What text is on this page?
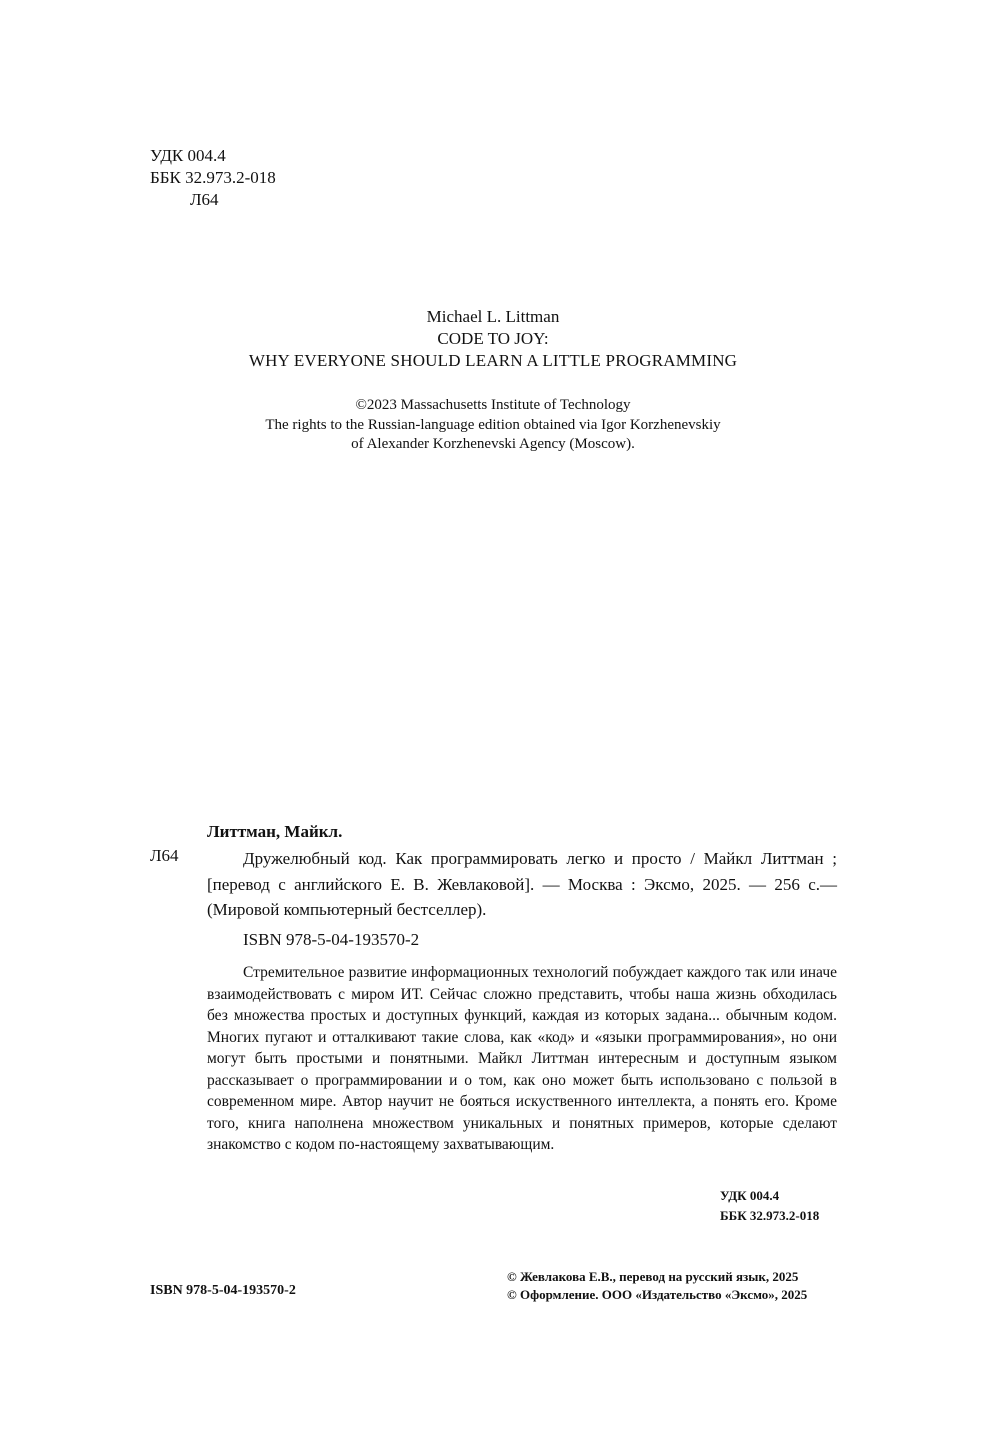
УДК 004.4
ББК 32.973.2-018
Л64
Michael L. Littman
CODE TO JOY:
WHY EVERYONE SHOULD LEARN A LITTLE PROGRAMMING
©2023 Massachusetts Institute of Technology
The rights to the Russian-language edition obtained via Igor Korzhenevskiy
of Alexander Korzhenevski Agency (Moscow).
Литтман, Майкл.
Л64	Дружелюбный код. Как программировать легко и просто / Майкл Литтман ; [перевод с английского Е. В. Жевлаковой]. — Москва : Эксмо, 2025. — 256 с.— (Мировой компьютерный бестселлер).
ISBN 978-5-04-193570-2
Стремительное развитие информационных технологий побуждает каждого так или иначе взаимодействовать с миром ИТ. Сейчас сложно представить, чтобы наша жизнь обходилась без множества простых и доступных функций, каждая из которых задана... обычным кодом. Многих пугают и отталкивают такие слова, как «код» и «языки программирования», но они могут быть простыми и понятными. Майкл Литтман интересным и доступным языком рассказывает о программировании и о том, как оно может быть использовано с пользой в современном мире. Автор научит не бояться искуственного интеллекта, а понять его. Кроме того, книга наполнена множеством уникальных и понятных примеров, которые сделают знакомство с кодом по-настоящему захватывающим.
УДК 004.4
ББК 32.973.2-018
ISBN 978-5-04-193570-2
© Жевлакова Е.В., перевод на русский язык, 2025
© Оформление. ООО «Издательство «Эксмо», 2025
